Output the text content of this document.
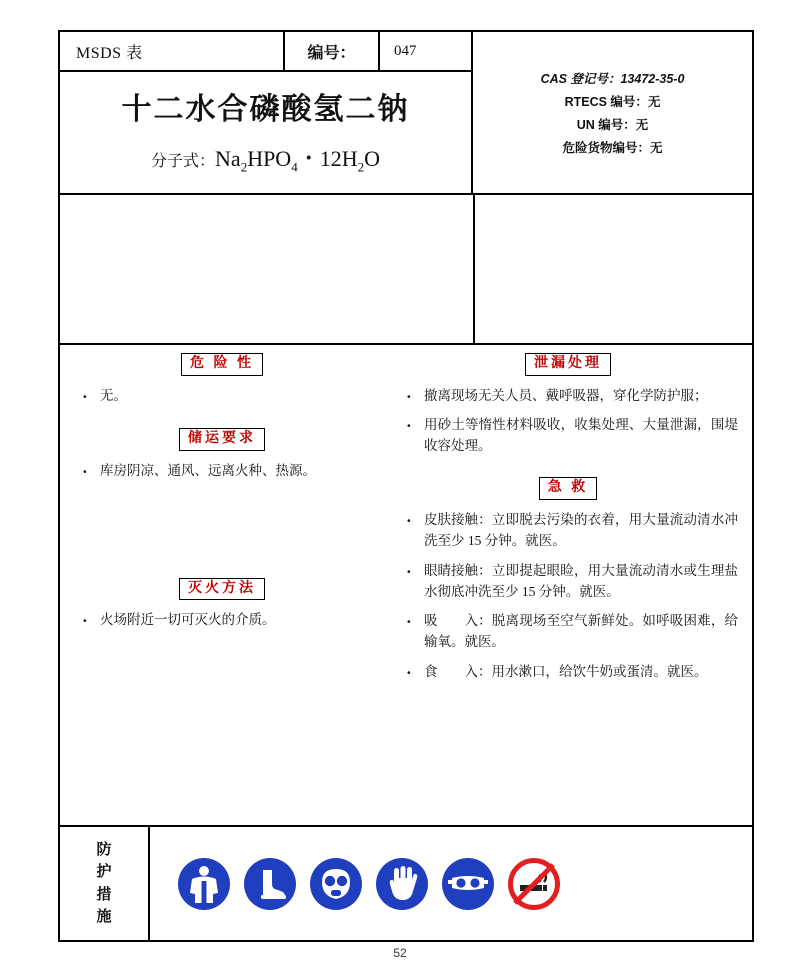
MSDS 表	编号：	047
十二水合磷酸氢二钠
分子式：$Na_2HPO_4$・$12H_2O$
CAS 登记号：13472-35-0
RTECS 编号：无
UN 编号：无
危险货物编号：无
危 险 性
· 无。
储运要求
· 库房阴凉、通风、远离火种、热源。
灭火方法
· 火场附近一切可灭火的介质。
泄漏处理
· 撤离现场无关人员、戴呼吸器，穿化学防护服；
· 用砂土等惰性材料吸收，收集处理、大量泄漏，围堤收容处理。
急 救
· 皮肤接触：立即脱去污染的衣着，用大量流动清水冲洗至少 15 分钟。就医。
· 眼睛接触：立即提起眼睑，用大量流动清水或生理盐水彻底冲洗至少 15 分钟。就医。
· 吸　　入：脱离现场至空气新鲜处。如呼吸困难，给输氧。就医。
· 食　　入：用水漱口，给饮牛奶或蛋清。就医。
防
护
措
施
52
